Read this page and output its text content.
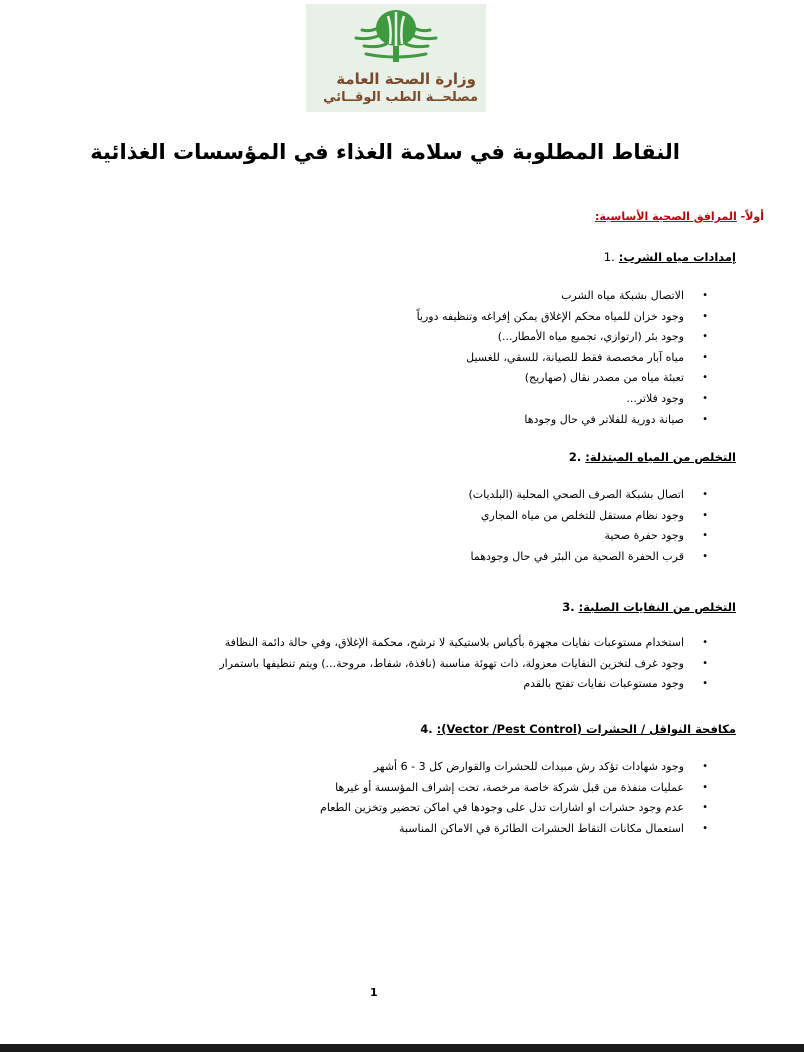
وزارة الصحة العامة
مصلحــة الطب الوقــائي
النقاط المطلوبة في سلامة الغذاء في المؤسسات الغذائية
أولاً- المرافق الصحية الأساسية:
إمدادات مياه الشرب: .1
•
الاتصال بشبكة مياه الشرب
•
وجود خزان للمياه محكم الإغلاق يمكن إفراغه وتنظيفه دورياً
•
وجود بئر (ارتوازي، تجميع مياه الأمطار...)
•
مياه آبار مخصصة فقط للصيانة، للسقي، للغسيل
•
تعبئة مياه من مصدر نقال (صهاريج)
•
وجود فلاتر...
•
صيانة دورية للفلاتر في حال وجودها
التخلص من المياه المبتذلة: .2
•
اتصال بشبكة الصرف الصحي المحلية (البلديات)
•
وجود نظام مستقل للتخلص من مياه المجاري
•
وجود حفرة صحية
•
قرب الحفرة الصحية من البئر في حال وجودهما
التخلص من النفايات الصلبة: .3
•
استخدام مستوعبات نفايات مجهزة بأكياس بلاستيكية لا ترشح، محكمة الإغلاق، وفي حالة دائمة النظافة
•
وجود غرف لتخزين النفايات معزولة، ذات تهوئة مناسبة (نافذة، شفاط، مروحة...) ويتم تنظيفها باستمرار
•
وجود مستوعبات نفايات تفتح بالقدم
مكافحة النواقل / الحشرات (Vector /Pest Control): .4
•
وجود شهادات تؤكد رش مبيدات للحشرات والقوارض كل 3 - 6 أشهر
•
عمليات منفذة من قبل شركة خاصة مرخصة، تحت إشراف المؤسسة أو غيرها
•
عدم وجود حشرات او اشارات تدل على وجودها في اماكن تحضير وتخزين الطعام
•
استعمال مكانات التقاط الحشرات الطائرة في الاماكن المناسبة
1
